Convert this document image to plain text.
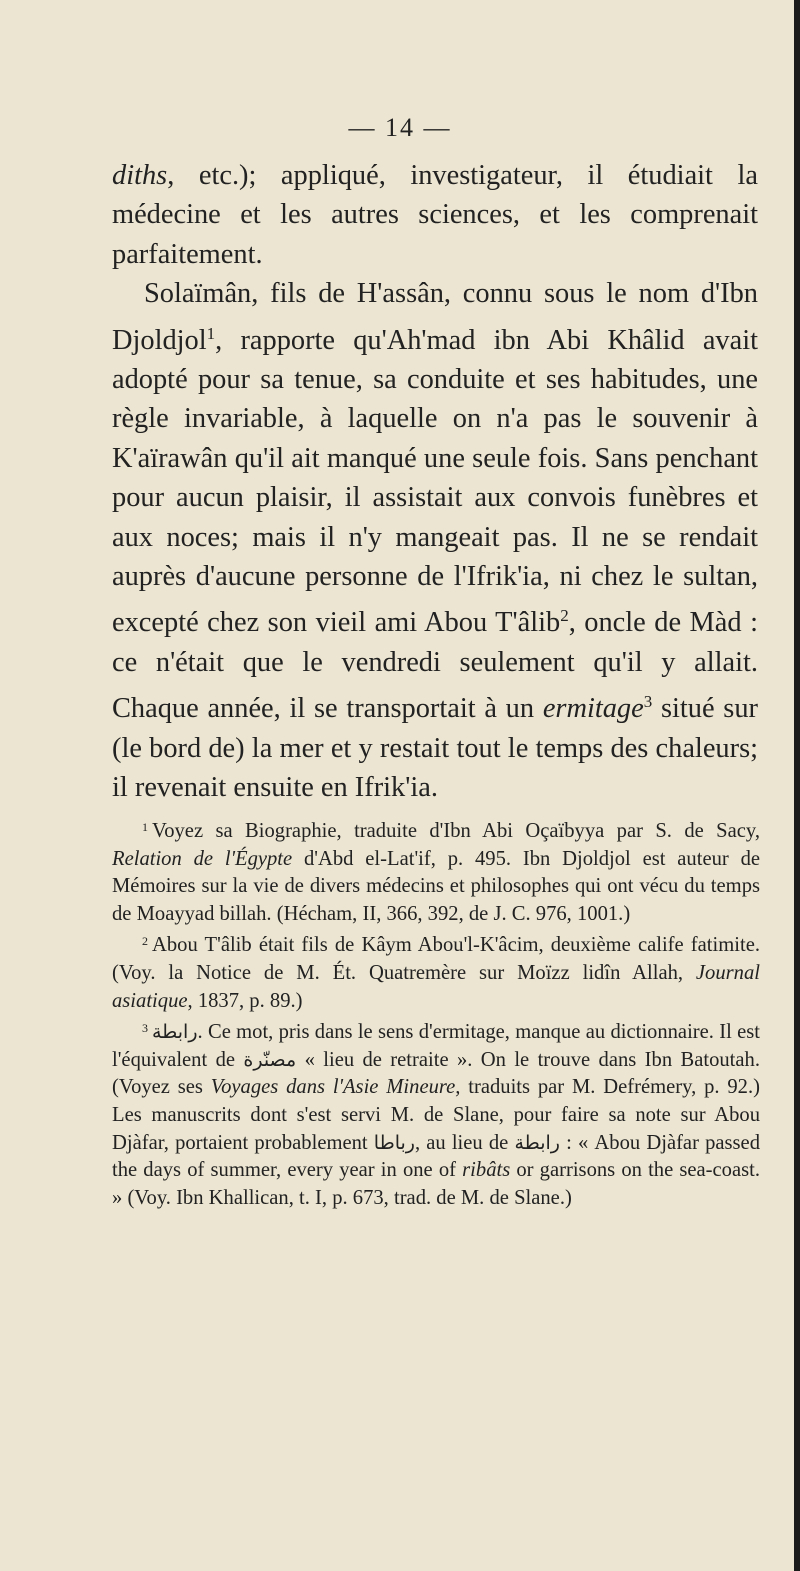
— 14 —

diths, etc.); appliqué, investigateur, il étudiait la médecine et les autres sciences, et les comprenait parfaitement.

Solaïmân, fils de H'assân, connu sous le nom d'Ibn Djoldjol$^1$, rapporte qu'Ah'mad ibn Abi Khâlid avait adopté pour sa tenue, sa conduite et ses habitudes, une règle invariable, à laquelle on n'a pas le souvenir à K'aïrawân qu'il ait manqué une seule fois. Sans penchant pour aucun plaisir, il assistait aux convois funèbres et aux noces; mais il n'y mangeait pas. Il ne se rendait auprès d'aucune personne de l'Ifrik'ia, ni chez le sultan, excepté chez son vieil ami Abou T'âlib$^2$, oncle de Màd : ce n'était que le vendredi seulement qu'il y allait. Chaque année, il se transportait à un ermitage$^3$ situé sur (le bord de) la mer et y restait tout le temps des chaleurs; il revenait ensuite en Ifrik'ia.

$^1$ Voyez sa Biographie, traduite d'Ibn Abi Oçaïbyya par S. de Sacy, Relation de l'Égypte d'Abd el-Lat'if, p. 495. Ibn Djoldjol est auteur de Mémoires sur la vie de divers médecins et philosophes qui ont vécu du temps de Moayyad billah. (Hécham, II, 366, 392, de J. C. 976, 1001.)

$^2$ Abou T'âlib était fils de Kâym Abou'l-K'âcim, deuxième calife fatimite. (Voy. la Notice de M. Ét. Quatremère sur Moïzz lidîn Allah, Journal asiatique, 1837, p. 89.)

$^3$ رابطة. Ce mot, pris dans le sens d'ermitage, manque au dictionnaire. Il est l'équivalent de مصنّرة « lieu de retraite ». On le trouve dans Ibn Batoutah. (Voyez ses Voyages dans l'Asie Mineure, traduits par M. Defrémery, p. 92.) Les manuscrits dont s'est servi M. de Slane, pour faire sa note sur Abou Djàfar, portaient probablement رباطا, au lieu de رابطة : « Abou Djàfar passed the days of summer, every year in one of ribâts or garrisons on the sea-coast. » (Voy. Ibn Khallican, t. I, p. 673, trad. de M. de Slane.)
